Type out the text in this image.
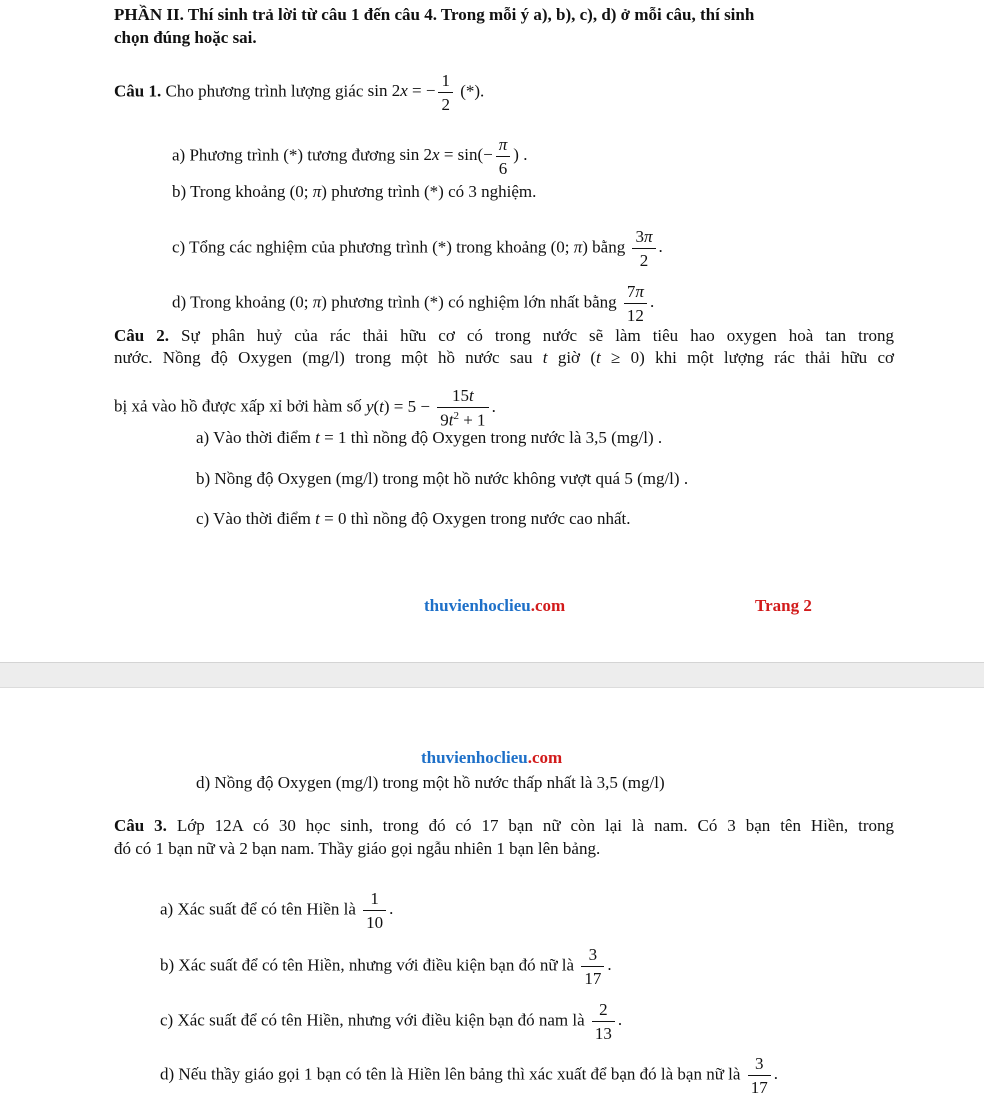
PHẦN II. Thí sinh trả lời từ câu 1 đến câu 4. Trong mỗi ý a), b), c), d) ở mỗi câu, thí sinh
chọn đúng hoặc sai.
Câu 1. Cho phương trình lượng giác sin 2x = − $\frac{1}{2}$ (*).
a) Phương trình (*) tương đương $\sin 2x = \sin(- \frac{\pi}{6}$ ) .
b) Trong khoảng (0; π) phương trình (*) có 3 nghiệm.
c) Tổng các nghiệm của phương trình (*) trong khoảng (0; π) bằng $\frac{3\pi}{2}$ .
d) Trong khoảng (0; π) phương trình (*) có nghiệm lớn nhất bằng $\frac{7\pi}{12}$ .
Câu 2. Sự phân huỷ của rác thải hữu cơ có trong nước sẽ làm tiêu hao oxygen hoà tan trong
nước. Nồng độ Oxygen (mg/l) trong một hồ nước sau t giờ (t ≥ 0) khi một lượng rác thải hữu cơ
bị xả vào hồ được xấp xỉ bởi hàm số $y(t) = 5 - \frac{15t}{9t^2 + 1}$ .
a) Vào thời điểm t = 1 thì nồng độ Oxygen trong nước là 3,5 (mg/l) .
b) Nồng độ Oxygen (mg/l) trong một hồ nước không vượt quá 5 (mg/l) .
c) Vào thời điểm t = 0 thì nồng độ Oxygen trong nước cao nhất.
thuvienhoclieu.com	Trang 2
thuvienhoclieu.com
d) Nồng độ Oxygen (mg/l) trong một hồ nước thấp nhất là 3,5 (mg/l)
Câu 3. Lớp 12A có 30 học sinh, trong đó có 17 bạn nữ còn lại là nam. Có 3 bạn tên Hiền, trong
đó có 1 bạn nữ và 2 bạn nam. Thầy giáo gọi ngẫu nhiên 1 bạn lên bảng.
a) Xác suất để có tên Hiền là $\frac{1}{10}$ .
b) Xác suất để có tên Hiền, nhưng với điều kiện bạn đó nữ là $\frac{3}{17}$ .
c) Xác suất để có tên Hiền, nhưng với điều kiện bạn đó nam là $\frac{2}{13}$ .
d) Nếu thầy giáo gọi 1 bạn có tên là Hiền lên bảng thì xác xuất để bạn đó là bạn nữ là $\frac{3}{17}$ .
